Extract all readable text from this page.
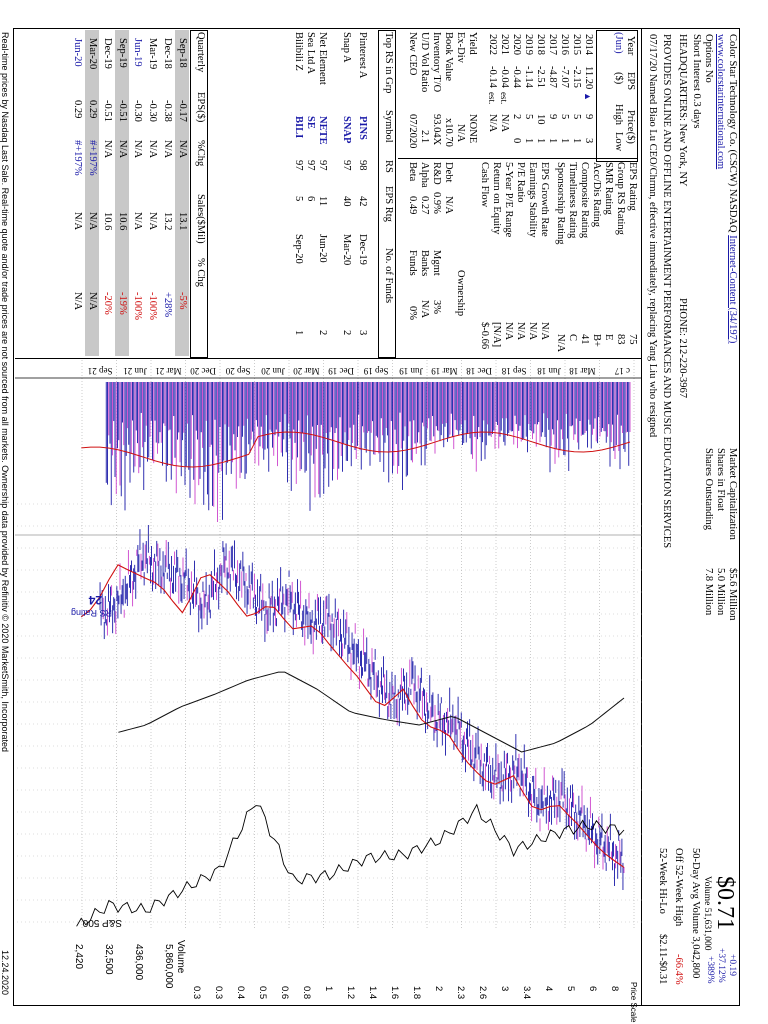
Color Star Technology Co. (CSCW) NASDAQ Internet-Content (34/197)
www.colorstarinternational.com
Options No
Short Interest 0.3 days
HEADQUARTERS: New York, NY
PHONE: 212-220-3967
PROVIDES ONLINE AND OFFLINE ENTERTAINMENT PERFORMANCES AND MUSIC EDUCATION SERVICES
07/17/20 Named Biao Lu CEO/Chrmn, effective immediately, replacing Yang Liu who resigned
Market Capitalization
Shares in Float
Shares Outstanding
$5.6 Million
5.0 Million
7.8 Million
$0.71
+0.19
+37.12%
Volume 51,631,000
+389%
50-Day Avg Volume 3,042,800
Off 52-Week High
-66.4%
52-Week Hi-Lo
$2.11-$0.31
Year
(Jun)
EPS
($)
Price($)
High
Low
Yield
Ex-Div
Book Value
Inventory T/O
U/D Vol Ratio
New CEO
NONE
N/A
x10.70
93.04X
2.1
07/2020
Debt
N/A
R&D
0.9%
Alpha
0.27
Beta
0.49
Ownership
Mgmt
3%
Banks
N/A
Funds
0%
Top RS in Grp
Symbol
RS
EPS Rtg
No. of Funds
Quarterly
EPS($)
%Chg
Sales($Mil)
% Chg
c 17
Mar 18
Jun 18
Sep 18
Dec 18
Mar 19
Jun 19
Sep 19
Dec 19
Mar 20
Jun 20
Sep 20
Dec 20
Mar 21
Jun 21
Sep 21
S&P 500
RS Rating
24
Price Scale
Volume
Real-time prices by Nasdaq Last Sale. Real-time quote and/or trade prices are not sourced from all markets. Ownership data provided by Refinitiv © 2020 MarketSmith, Incorporated
12.24.2020
2014
11.20
▲
9
3
2015
-2.15
5
1
2016
-7.07
5
1
2017
-4.87
9
1
2018
-2.51
10
1
2019
-1.14
5
1
2020
-0.44
2
0
2021
-0.04
est.
N/A
2022
-0.14
est.
N/A
EPS Rating
75
Group RS Rating
83
SMR Rating
E
Acc/Dis Rating
B+
Composite Rating
41
Timeliness Rating
C
Sponsorship Rating
N/A
EPS Growth Rate
N/A
Earnings Stability
N/A
P/E Ratio
N/A
5-Year P/E Range
N/A
Return on Equity
[N/A]
Cash Flow
$-0.66
Pinterest A
PINS
98
42
Dec-19
3
Snap A
SNAP
97
40
Mar-20
2
Net Element
NETE
97
11
Jun-20
2
Sea Ltd A
SE
97
6
Bilibili Z
BILI
97
5
Sep-20
1
Sep-18
-0.17
N/A
13.1
-5%
Dec-18
-0.38
N/A
13.2
+28%
Mar-19
-0.30
N/A
N/A
-100%
Jun-19
-0.30
N/A
N/A
-100%
Sep-19
-0.51
N/A
10.6
-19%
Dec-19
-0.51
N/A
10.6
-20%
Mar-20
0.29
#+197%
N/A
N/A
Jun-20
0.29
#+197%
N/A
N/A
8
6
5
4
3.4
3
2.6
2.3
2
1.8
1.6
1.4
1.2
1
0.8
0.6
0.5
0.4
0.3
0.3
5,860,000
436,000
32,500
2,420
